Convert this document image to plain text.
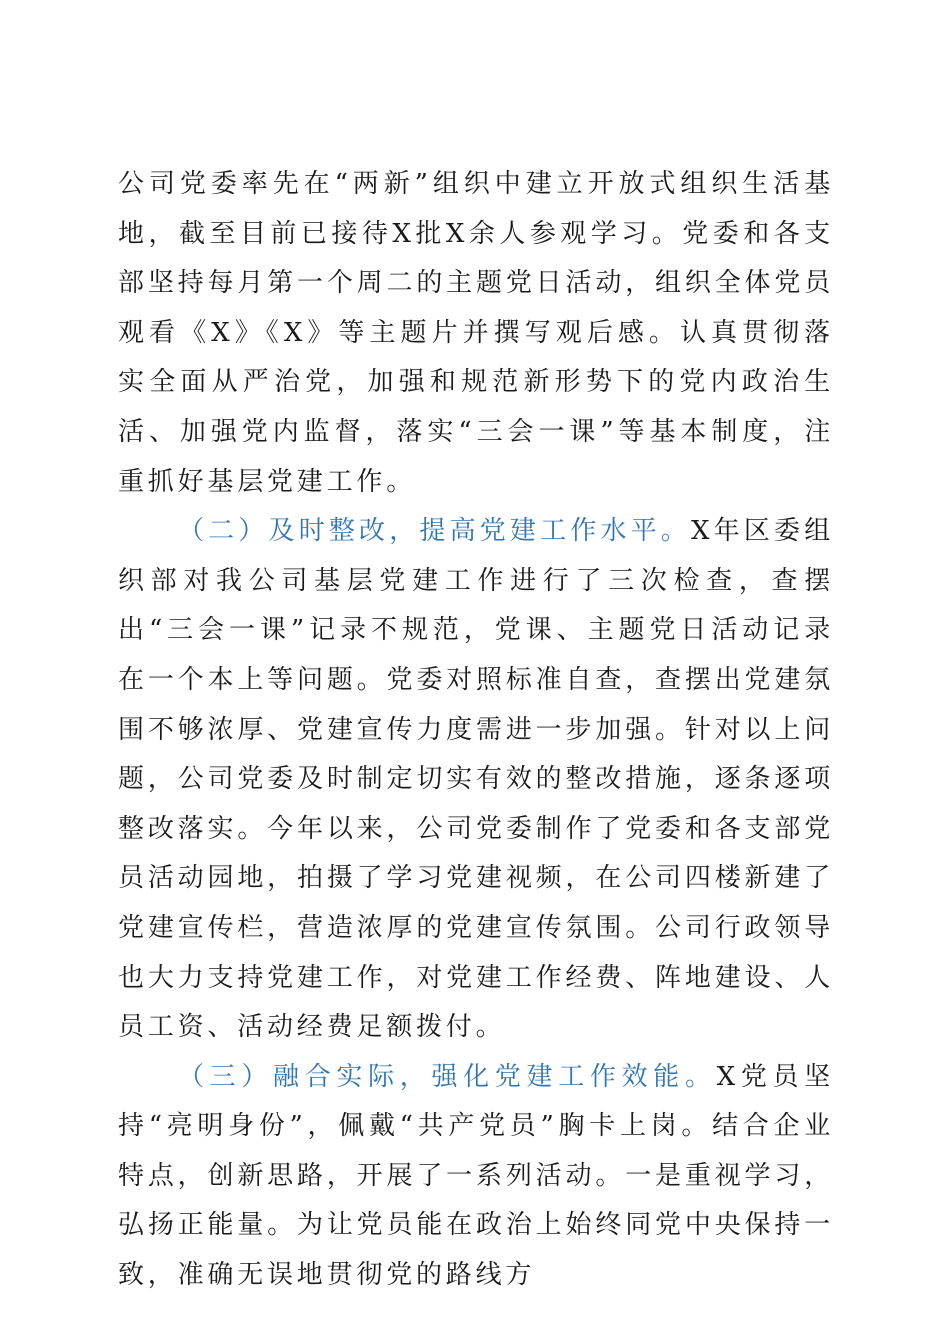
公司党委率先在“两新”组织中建立开放式组织生活基地，截至目前已接待X批X余人参观学习。党委和各支部坚持每月第一个周二的主题党日活动，组织全体党员观看《X》《X》等主题片并撰写观后感。认真贯彻落实全面从严治党，加强和规范新形势下的党内政治生活、加强党内监督，落实“三会一课”等基本制度，注重抓好基层党建工作。

（二）及时整改，提高党建工作水平。X年区委组织部对我公司基层党建工作进行了三次检查，查摆出“三会一课”记录不规范，党课、主题党日活动记录在一个本上等问题。党委对照标准自查，查摆出党建氛围不够浓厚、党建宣传力度需进一步加强。针对以上问题，公司党委及时制定切实有效的整改措施，逐条逐项整改落实。今年以来，公司党委制作了党委和各支部党员活动园地，拍摄了学习党建视频，在公司四楼新建了党建宣传栏，营造浓厚的党建宣传氛围。公司行政领导也大力支持党建工作，对党建工作经费、阵地建设、人员工资、活动经费足额拨付。

（三）融合实际，强化党建工作效能。X党员坚持“亮明身份”，佩戴“共产党员”胸卡上岗。结合企业特点，创新思路，开展了一系列活动。一是重视学习，弘扬正能量。为让党员能在政治上始终同党中央保持一致，准确无误地贯彻党的路线方
